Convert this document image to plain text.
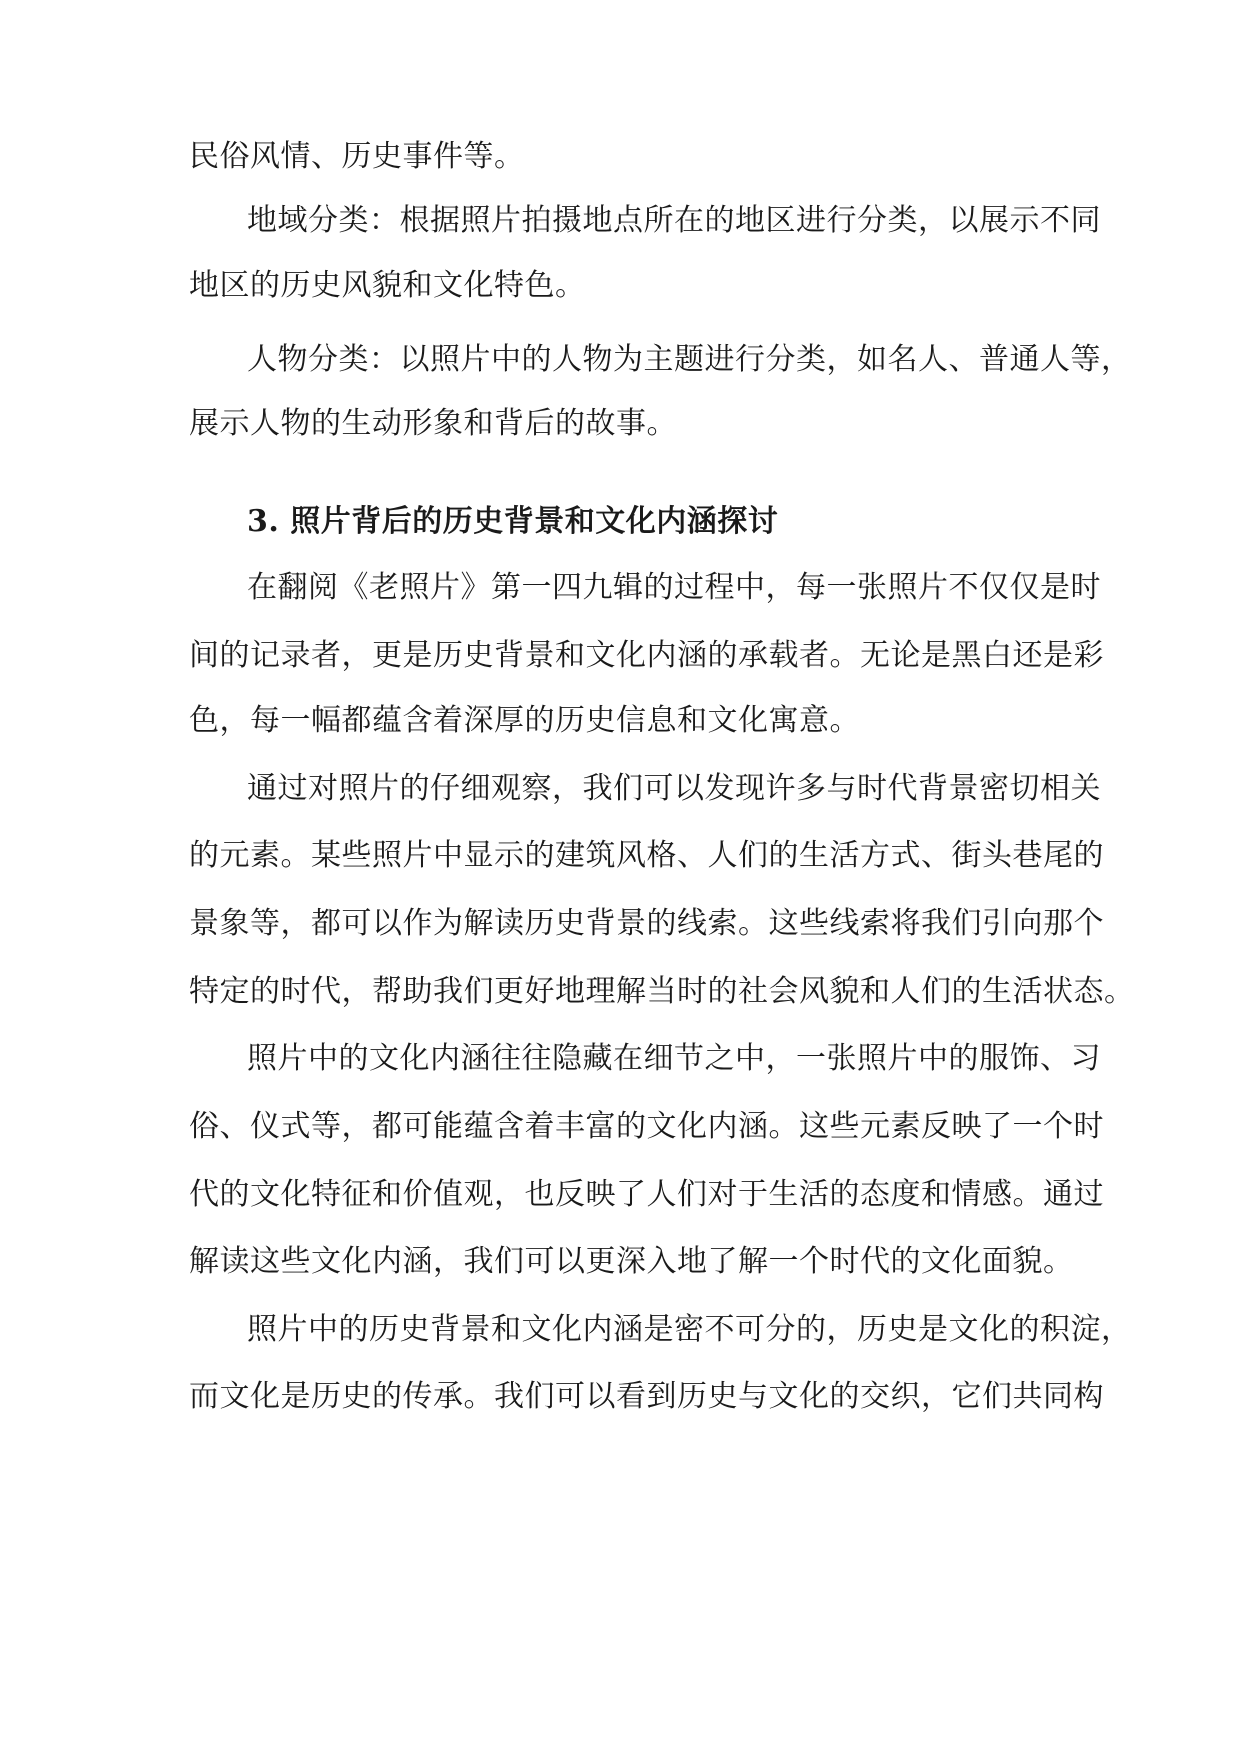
民俗风情、历史事件等。
地域分类：根据照片拍摄地点所在的地区进行分类，以展示不同
地区的历史风貌和文化特色。
人物分类：以照片中的人物为主题进行分类，如名人、普通人等，
展示人物的生动形象和背后的故事。
3. 照片背后的历史背景和文化内涵探讨
在翻阅《老照片》第一四九辑的过程中，每一张照片不仅仅是时
间的记录者，更是历史背景和文化内涵的承载者。无论是黑白还是彩
色，每一幅都蕴含着深厚的历史信息和文化寓意。
通过对照片的仔细观察，我们可以发现许多与时代背景密切相关
的元素。某些照片中显示的建筑风格、人们的生活方式、街头巷尾的
景象等，都可以作为解读历史背景的线索。这些线索将我们引向那个
特定的时代，帮助我们更好地理解当时的社会风貌和人们的生活状态。
照片中的文化内涵往往隐藏在细节之中，一张照片中的服饰、习
俗、仪式等，都可能蕴含着丰富的文化内涵。这些元素反映了一个时
代的文化特征和价值观，也反映了人们对于生活的态度和情感。通过
解读这些文化内涵，我们可以更深入地了解一个时代的文化面貌。
照片中的历史背景和文化内涵是密不可分的，历史是文化的积淀，
而文化是历史的传承。我们可以看到历史与文化的交织，它们共同构
